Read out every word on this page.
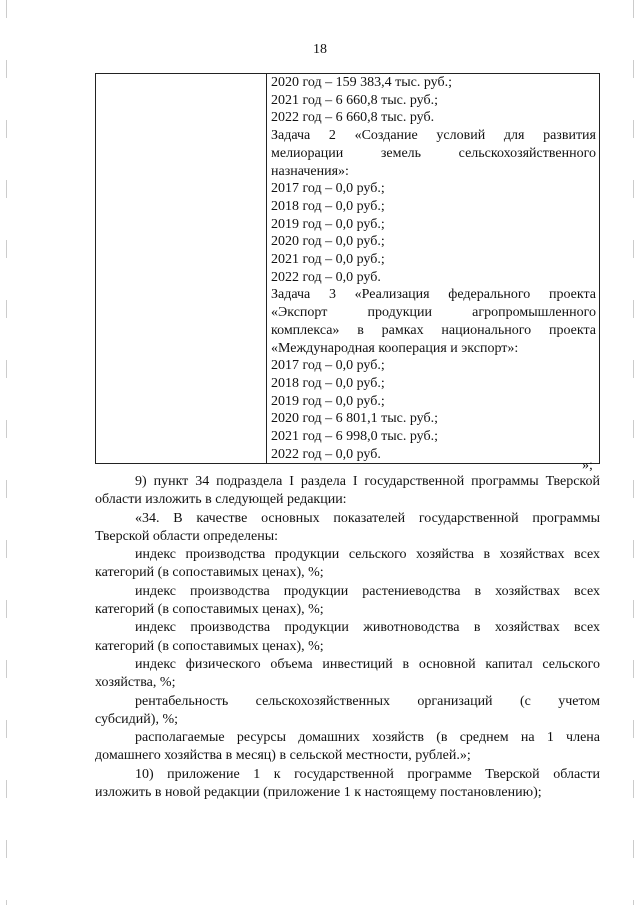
18

2020 год – 159 383,4 тыс. руб.;
2021 год – 6 660,8 тыс. руб.;
2022 год – 6 660,8 тыс. руб.
Задача 2 «Создание условий для развития
мелиорации земель сельскохозяйственного
назначения»:
2017 год – 0,0 руб.;
2018 год – 0,0 руб.;
2019 год – 0,0 руб.;
2020 год – 0,0 руб.;
2021 год – 0,0 руб.;
2022 год – 0,0 руб.
Задача 3 «Реализация федерального проекта
«Экспорт продукции агропромышленного
комплекса» в рамках национального проекта
«Международная кооперация и экспорт»:
2017 год – 0,0 руб.;
2018 год – 0,0 руб.;
2019 год – 0,0 руб.;
2020 год – 6 801,1 тыс. руб.;
2021 год – 6 998,0 тыс. руб.;
2022 год – 0,0 руб.
»;
9) пункт 34 подраздела I раздела I государственной программы Тверской
области изложить в следующей редакции:
«34. В качестве основных показателей государственной программы
Тверской области определены:
индекс производства продукции сельского хозяйства в хозяйствах всех
категорий (в сопоставимых ценах), %;
индекс производства продукции растениеводства в хозяйствах всех
категорий (в сопоставимых ценах), %;
индекс производства продукции животноводства в хозяйствах всех
категорий (в сопоставимых ценах), %;
индекс физического объема инвестиций в основной капитал сельского
хозяйства, %;
рентабельность сельскохозяйственных организаций (с учетом
субсидий), %;
располагаемые ресурсы домашних хозяйств (в среднем на 1 члена
домашнего хозяйства в месяц) в сельской местности, рублей.»;
10) приложение 1 к государственной программе Тверской области
изложить в новой редакции (приложение 1 к настоящему постановлению);
